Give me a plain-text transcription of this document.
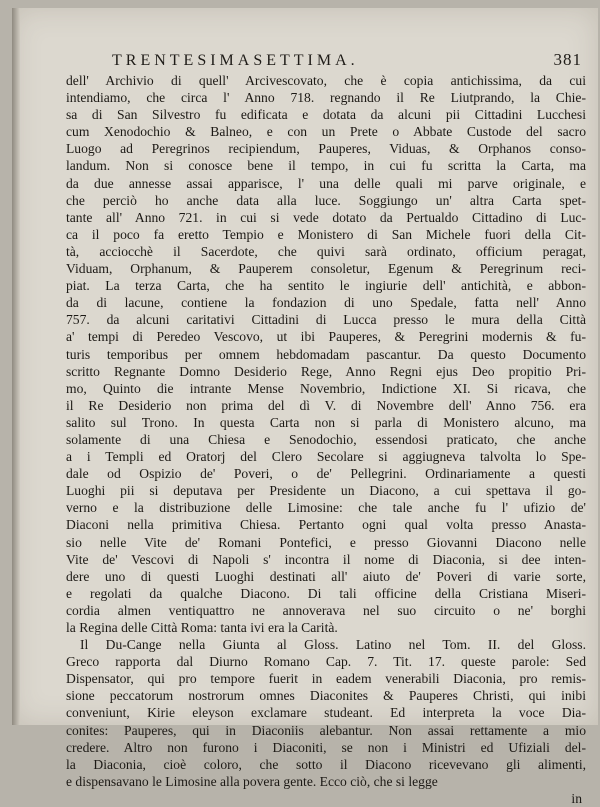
TRENTESIMASETTIMA.	381
dell' Archivio di quell' Arcivescovato, che è copia antichissima, da cui
intendiamo, che circa l' Anno 718. regnando il Re Liutprando, la Chie-
sa di San Silvestro fu edificata e dotata da alcuni pii Cittadini Lucchesi
cum Xenodochio & Balneo, e con un Prete o Abbate Custode del sacro
Luogo ad Peregrinos recipiendum, Pauperes, Viduas, & Orphanos conso-
landum. Non si conosce bene il tempo, in cui fu scritta la Carta, ma
da due annesse assai apparisce, l' una delle quali mi parve originale, e
che perciò ho anche data alla luce. Soggiungo un' altra Carta spet-
tante all' Anno 721. in cui si vede dotato da Pertualdo Cittadino di Luc-
ca il poco fa eretto Tempio e Monistero di San Michele fuori della Cit-
tà, acciocchè il Sacerdote, che quivi sarà ordinato, officium peragat,
Viduam, Orphanum, & Pauperem consoletur, Egenum & Peregrinum reci-
piat. La terza Carta, che ha sentito le ingiurie dell' antichità, e abbon-
da di lacune, contiene la fondazion di uno Spedale, fatta nell' Anno
757. da alcuni caritativi Cittadini di Lucca presso le mura della Città
a' tempi di Peredeo Vescovo, ut ibi Pauperes, & Peregrini modernis & fu-
turis temporibus per omnem hebdomadam pascantur. Da questo Documento
scritto Regnante Domno Desiderio Rege, Anno Regni ejus Deo propitio Pri-
mo, Quinto die intrante Mense Novembrio, Indictione XI. Si ricava, che
il Re Desiderio non prima del dì V. di Novembre dell' Anno 756. era
salito sul Trono. In questa Carta non si parla di Monistero alcuno, ma
solamente di una Chiesa e Senodochio, essendosi praticato, che anche
a i Templi ed Oratorj del Clero Secolare si aggiugneva talvolta lo Spe-
dale od Ospizio de' Poveri, o de' Pellegrini. Ordinariamente a questi
Luoghi pii si deputava per Presidente un Diacono, a cui spettava il go-
verno e la distribuzione delle Limosine: che tale anche fu l' ufizio de'
Diaconi nella primitiva Chiesa. Pertanto ogni qual volta presso Anasta-
sio nelle Vite de' Romani Pontefici, e presso Giovanni Diacono nelle
Vite de' Vescovi di Napoli s' incontra il nome di Diaconia, si dee inten-
dere uno di questi Luoghi destinati all' aiuto de' Poveri di varie sorte,
e regolati da qualche Diacono. Di tali officine della Cristiana Miseri-
cordia almen ventiquattro ne annoverava nel suo circuito o ne' borghi
la Regina delle Città Roma: tanta ivi era la Carità.
Il Du-Cange nella Giunta al Gloss. Latino nel Tom. II. del Gloss.
Greco rapporta dal Diurno Romano Cap. 7. Tit. 17. queste parole: Sed
Dispensator, qui pro tempore fuerit in eadem venerabili Diaconia, pro remis-
sione peccatorum nostrorum omnes Diaconites & Pauperes Christi, qui inibi
conveniunt, Kirie eleyson exclamare studeant. Ed interpreta la voce Dia-
conites: Pauperes, qui in Diaconiis alebantur. Non assai rettamente a mio
credere. Altro non furono i Diaconiti, se non i Ministri ed Ufiziali del-
la Diaconia, cioè coloro, che sotto il Diacono ricevevano gli alimenti,
e dispensavano le Limosine alla povera gente. Ecco ciò, che si legge
in
